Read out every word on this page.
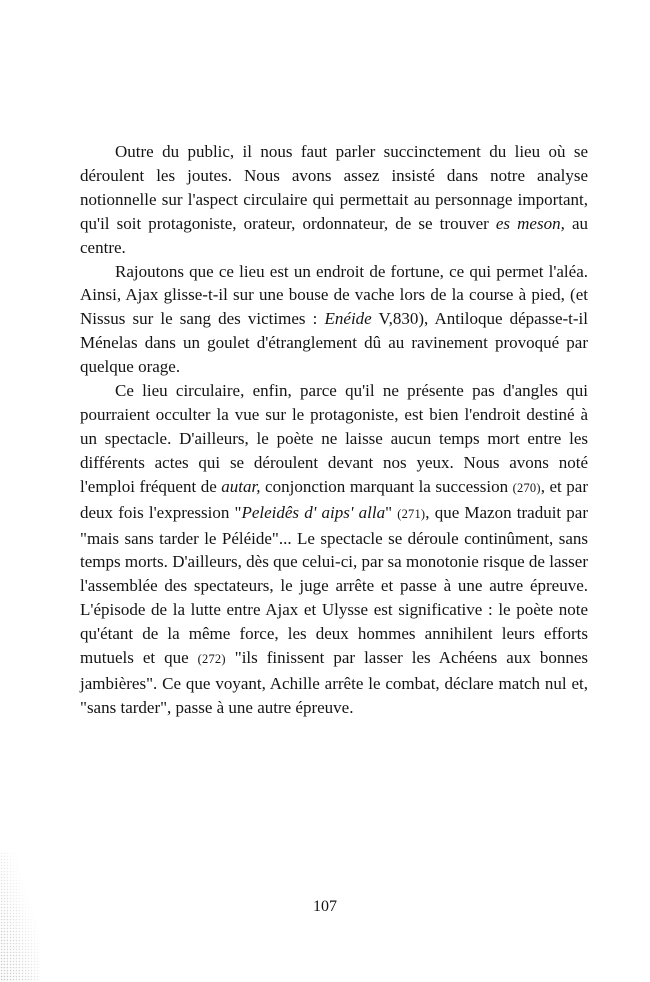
Outre du public, il nous faut parler succinctement du lieu où se déroulent les joutes. Nous avons assez insisté dans notre analyse notionnelle sur l'aspect circulaire qui permettait au personnage important, qu'il soit protagoniste, orateur, ordonnateur, de se trouver es meson, au centre.

Rajoutons que ce lieu est un endroit de fortune, ce qui permet l'aléa. Ainsi, Ajax glisse-t-il sur une bouse de vache lors de la course à pied, (et Nissus sur le sang des victimes : Enéide V,830), Antiloque dépasse-t-il Ménelas dans un goulet d'étranglement dû au ravinement provoqué par quelque orage.

Ce lieu circulaire, enfin, parce qu'il ne présente pas d'angles qui pourraient occulter la vue sur le protagoniste, est bien l'endroit destiné à un spectacle. D'ailleurs, le poète ne laisse aucun temps mort entre les différents actes qui se déroulent devant nos yeux. Nous avons noté l'emploi fréquent de autar, conjonction marquant la succession (270), et par deux fois l'expression "Peleidês d' aips' alla" (271), que Mazon traduit par "mais sans tarder le Péléide"... Le spectacle se déroule continûment, sans temps morts. D'ailleurs, dès que celui-ci, par sa monotonie risque de lasser l'assemblée des spectateurs, le juge arrête et passe à une autre épreuve. L'épisode de la lutte entre Ajax et Ulysse est significative : le poète note qu'étant de la même force, les deux hommes annihilent leurs efforts mutuels et que (272) "ils finissent par lasser les Achéens aux bonnes jambières". Ce que voyant, Achille arrête le combat, déclare match nul et, "sans tarder", passe à une autre épreuve.

107
